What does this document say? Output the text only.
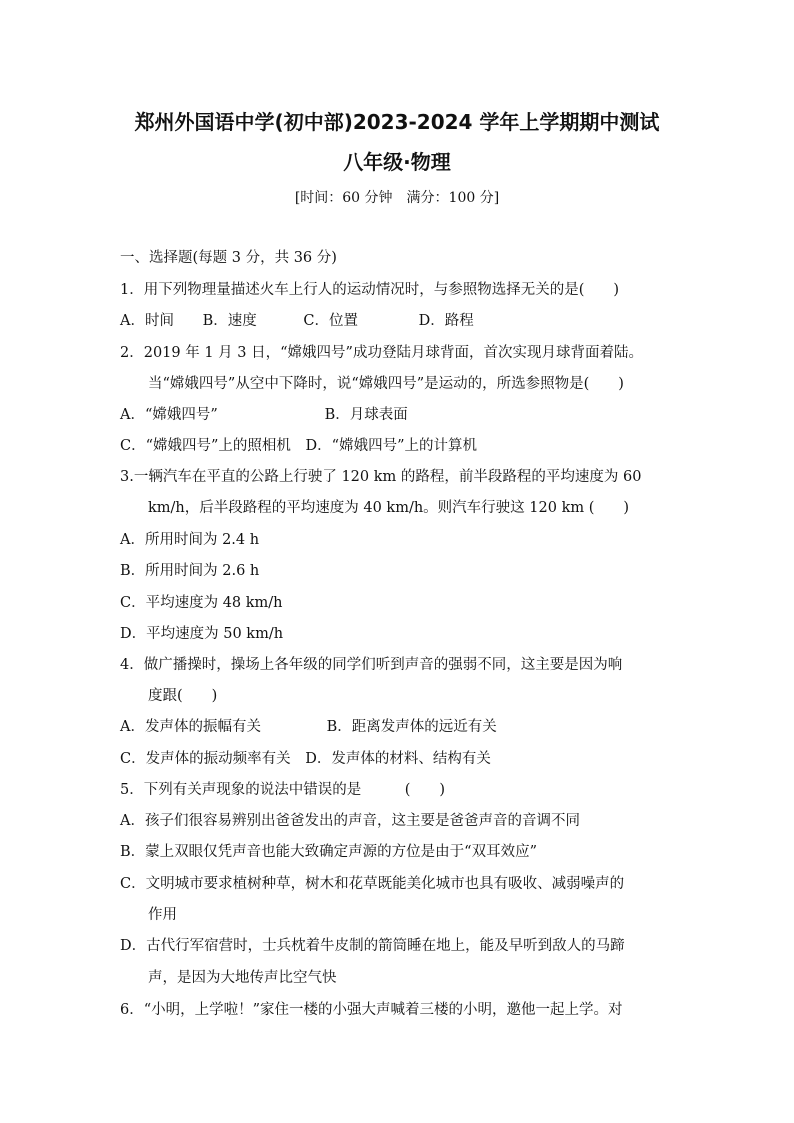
郑州外国语中学(初中部)2023-2024 学年上学期期中测试
八年级·物理
[时间：60 分钟　满分：100 分]
一、选择题(每题 3 分，共 36 分)
1．用下列物理量描述火车上行人的运动情况时，与参照物选择无关的是(　　)
A．时间 B．速度	C．位置	D．路程
2．2019 年 1 月 3 日，“嫦娥四号”成功登陆月球背面，首次实现月球背面着陆。
当“嫦娥四号”从空中下降时，说“嫦娥四号”是运动的，所选参照物是(　　)
A．“嫦娥四号”	B．月球表面
C．“嫦娥四号”上的照相机 D．“嫦娥四号”上的计算机
3.一辆汽车在平直的公路上行驶了 120 km 的路程，前半段路程的平均速度为 60
km/h，后半段路程的平均速度为 40 km/h。则汽车行驶这 120 km (　　)
A．所用时间为 2.4 h
B．所用时间为 2.6 h
C．平均速度为 48 km/h
D．平均速度为 50 km/h
4．做广播操时，操场上各年级的同学们听到声音的强弱不同，这主要是因为响
度跟(　　)
A．发声体的振幅有关	B．距离发声体的远近有关
C．发声体的振动频率有关 D．发声体的材料、结构有关
5．下列有关声现象的说法中错误的是　　　(　　)
A．孩子们很容易辨别出爸爸发出的声音，这主要是爸爸声音的音调不同
B．蒙上双眼仅凭声音也能大致确定声源的方位是由于“双耳效应”
C．文明城市要求植树种草，树木和花草既能美化城市也具有吸收、减弱噪声的
作用
D．古代行军宿营时，士兵枕着牛皮制的箭筒睡在地上，能及早听到敌人的马蹄
声，是因为大地传声比空气快
6．“小明，上学啦！”家住一楼的小强大声喊着三楼的小明，邀他一起上学。对
